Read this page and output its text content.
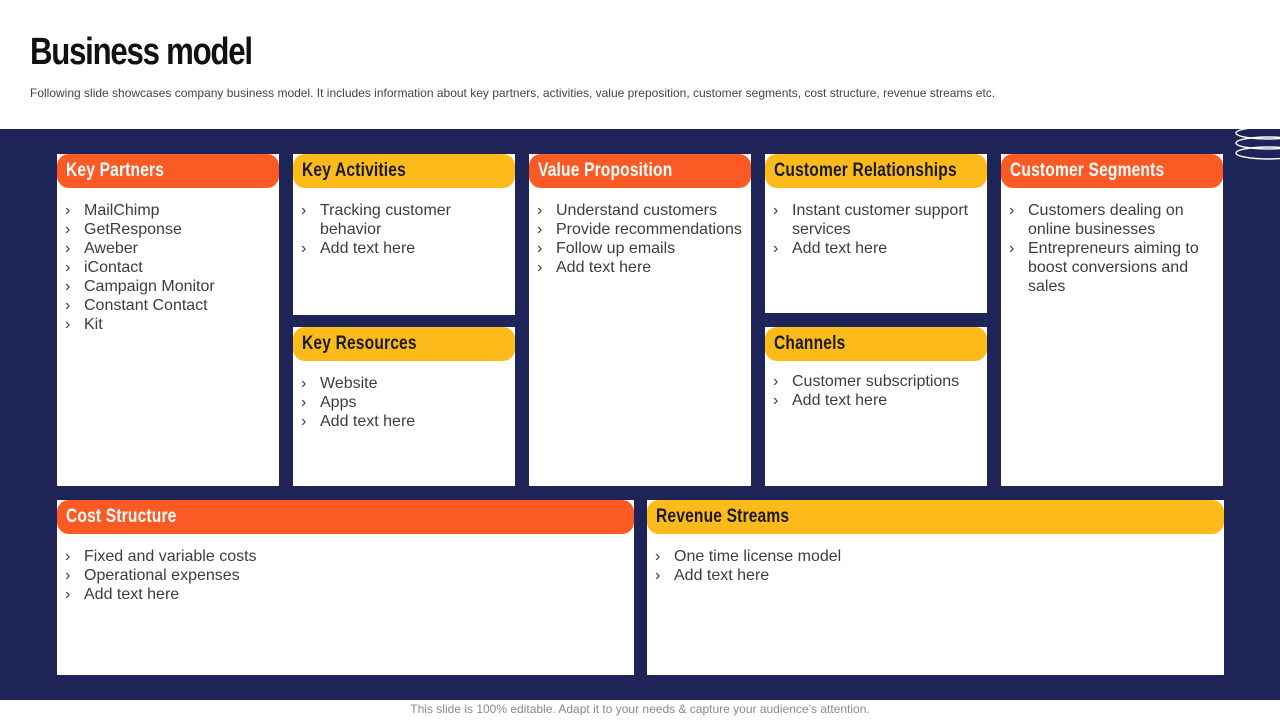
Business model
Following slide showcases company business model. It includes information about key partners, activities, value preposition, customer segments, cost structure, revenue streams etc.
Key Partners
› MailChimp
› GetResponse
› Aweber
› iContact
› Campaign Monitor
› Constant Contact
› Kit
Key Activities
› Tracking customer behavior
› Add text here
Key Resources
› Website
› Apps
› Add text here
Value Proposition
› Understand customers
› Provide recommendations
› Follow up emails
› Add text here
Customer Relationships
› Instant customer support services
› Add text here
Channels
› Customer subscriptions
› Add text here
Customer Segments
› Customers dealing on online businesses
› Entrepreneurs aiming to boost conversions and sales
Cost Structure
› Fixed and variable costs
› Operational expenses
› Add text here
Revenue Streams
› One time license model
› Add text here
This slide is 100% editable. Adapt it to your needs & capture your audience’s attention.
